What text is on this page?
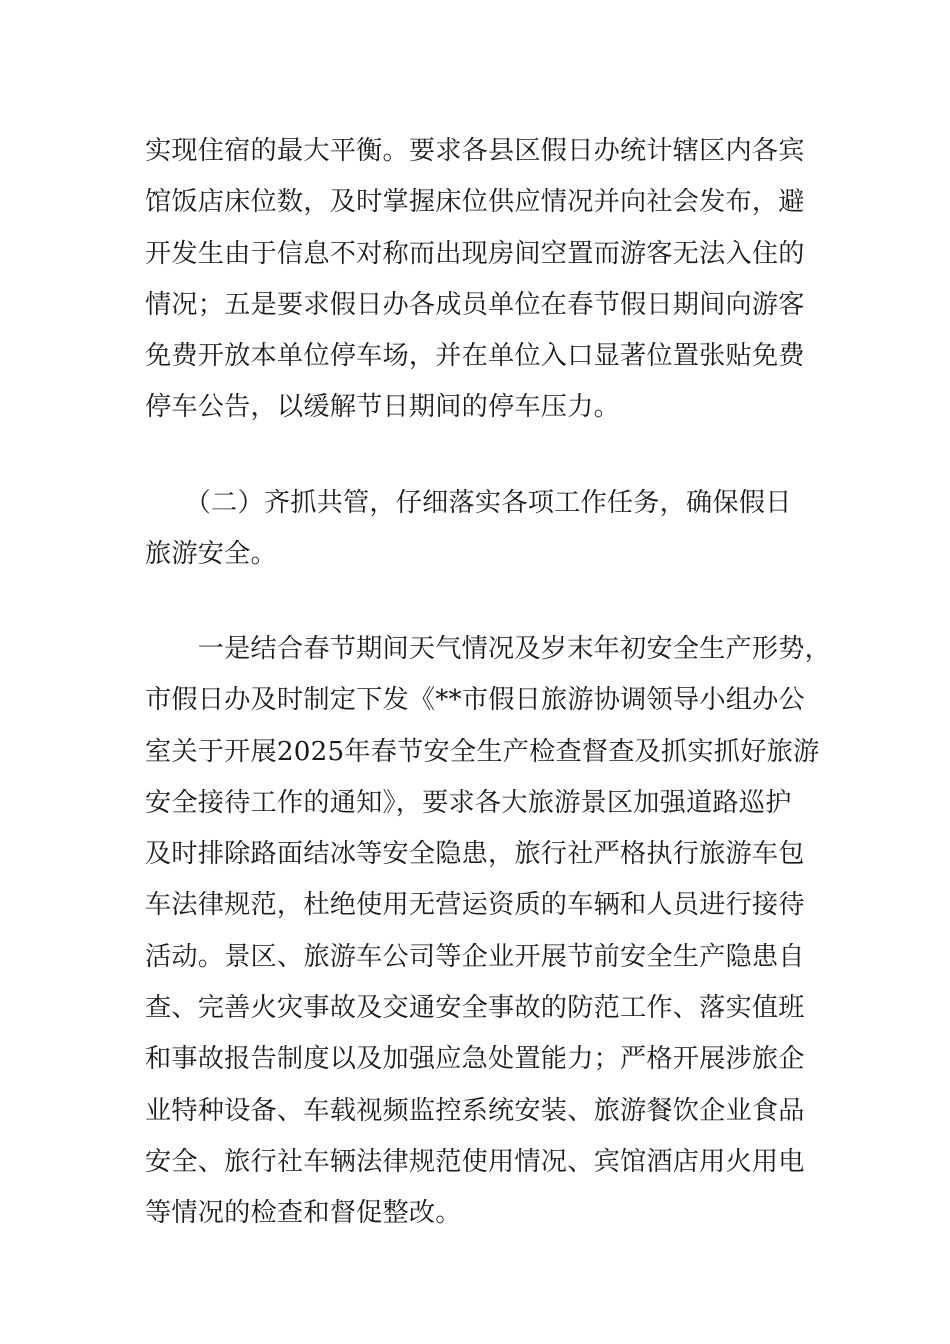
实现住宿的最大平衡。要求各县区假日办统计辖区内各宾
馆饭店床位数，及时掌握床位供应情况并向社会发布，避
开发生由于信息不对称而出现房间空置而游客无法入住的
情况；五是要求假日办各成员单位在春节假日期间向游客
免费开放本单位停车场，并在单位入口显著位置张贴免费
停车公告，以缓解节日期间的停车压力。

　　（二）齐抓共管，仔细落实各项工作任务，确保假日
旅游安全。

　　一是结合春节期间天气情况及岁末年初安全生产形势，
市假日办及时制定下发《**市假日旅游协调领导小组办公
室关于开展2025年春节安全生产检查督查及抓实抓好旅游
安全接待工作的通知》，要求各大旅游景区加强道路巡护
及时排除路面结冰等安全隐患，旅行社严格执行旅游车包
车法律规范，杜绝使用无营运资质的车辆和人员进行接待
活动。景区、旅游车公司等企业开展节前安全生产隐患自
查、完善火灾事故及交通安全事故的防范工作、落实值班
和事故报告制度以及加强应急处置能力；严格开展涉旅企
业特种设备、车载视频监控系统安装、旅游餐饮企业食品
安全、旅行社车辆法律规范使用情况、宾馆酒店用火用电
等情况的检查和督促整改。
